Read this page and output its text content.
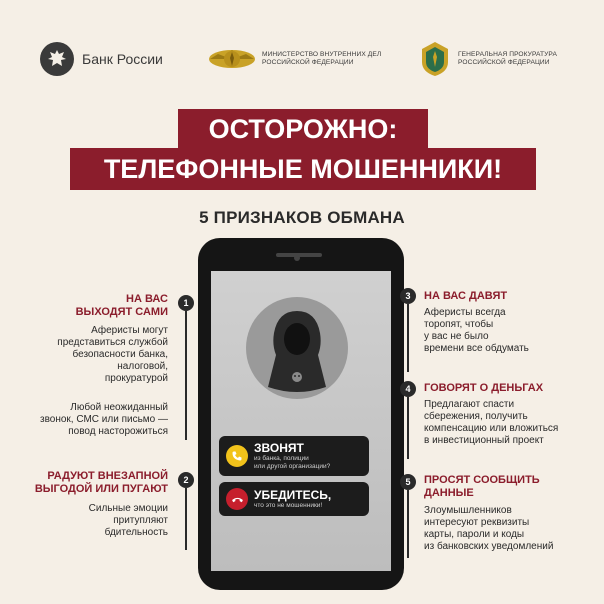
Банк России	МИНИСТЕРСТВО ВНУТРЕННИХ ДЕЛ
РОССИЙСКОЙ ФЕДЕРАЦИИ
ГЕНЕРАЛЬНАЯ ПРОКУРАТУРА
РОССИЙСКОЙ ФЕДЕРАЦИИ
ОСТОРОЖНО:
ТЕЛЕФОННЫЕ МОШЕННИКИ!
5 ПРИЗНАКОВ ОБМАНА
ЗВОНЯТ
из банка, полиции
или другой организации?
УБЕДИТЕСЬ,
что это не мошенники!
1
НА ВАС
ВЫХОДЯТ САМИ
Аферисты могут
представиться службой
безопасности банка,
налоговой,
прокуратурой
Любой неожиданный
звонок, СМС или письмо —
повод насторожиться
2
РАДУЮТ ВНЕЗАПНОЙ
ВЫГОДОЙ ИЛИ ПУГАЮТ
Сильные эмоции
притупляют
бдительность
3	НА ВАС ДАВЯТ
Аферисты всегда
торопят, чтобы
у вас не было
времени все обдумать
4	ГОВОРЯТ О ДЕНЬГАХ
Предлагают спасти
сбережения, получить
компенсацию или вложиться
в инвестиционный проект
5	ПРОСЯТ СООБЩИТЬ
ДАННЫЕ
Злоумышленников
интересуют реквизиты
карты, пароли и коды
из банковских уведомлений
